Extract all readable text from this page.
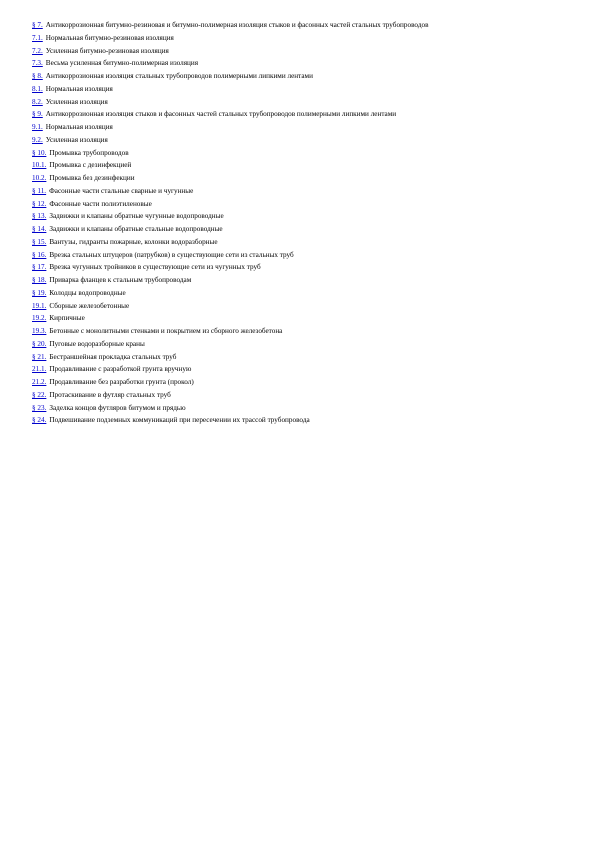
§ 7. Антикоррозионная битумно-резиновая и битумно-полимерная изоляция стыков и фасонных частей стальных трубопроводов
7.1. Нормальная битумно-резиновая изоляция
7.2. Усиленная битумно-резиновая изоляция
7.3. Весьма усиленная битумно-полимерная изоляция
§ 8. Антикоррозионная изоляция стальных трубопроводов полимерными липкими лентами
8.1. Нормальная изоляция
8.2. Усиленная изоляция
§ 9. Антикоррозионная изоляция стыков и фасонных частей стальных трубопроводов полимерными липкими лентами
9.1. Нормальная изоляция
9.2. Усиленная изоляция
§ 10. Промывка трубопроводов
10.1. Промывка с дезинфекцией
10.2. Промывка без дезинфекции
§ 11. Фасонные части стальные сварные и чугунные
§ 12. Фасонные части полиэтиленовые
§ 13. Задвижки и клапаны обратные чугунные водопроводные
§ 14. Задвижки и клапаны обратные стальные водопроводные
§ 15. Вантузы, гидранты пожарные, колонки водоразборные
§ 16. Врезка стальных штуцеров (патрубков) в существующие сети из стальных труб
§ 17. Врезка чугунных тройников в существующие сети из чугунных труб
§ 18. Приварка фланцев к стальным трубопроводам
§ 19. Колодцы водопроводные
19.1. Сборные железобетонные
19.2. Кирпичные
19.3. Бетонные с монолитными стенками и покрытием из сборного железобетона
§ 20. Пуговые водоразборные краны
§ 21. Бестраншейная прокладка стальных труб
21.1. Продавливание с разработкой грунта вручную
21.2. Продавливание без разработки грунта (прокол)
§ 22. Протаскивание в футляр стальных труб
§ 23. Заделка концов футляров битумом и прядью
§ 24. Подвешивание подземных коммуникаций при пересечении их трассой трубопровода
